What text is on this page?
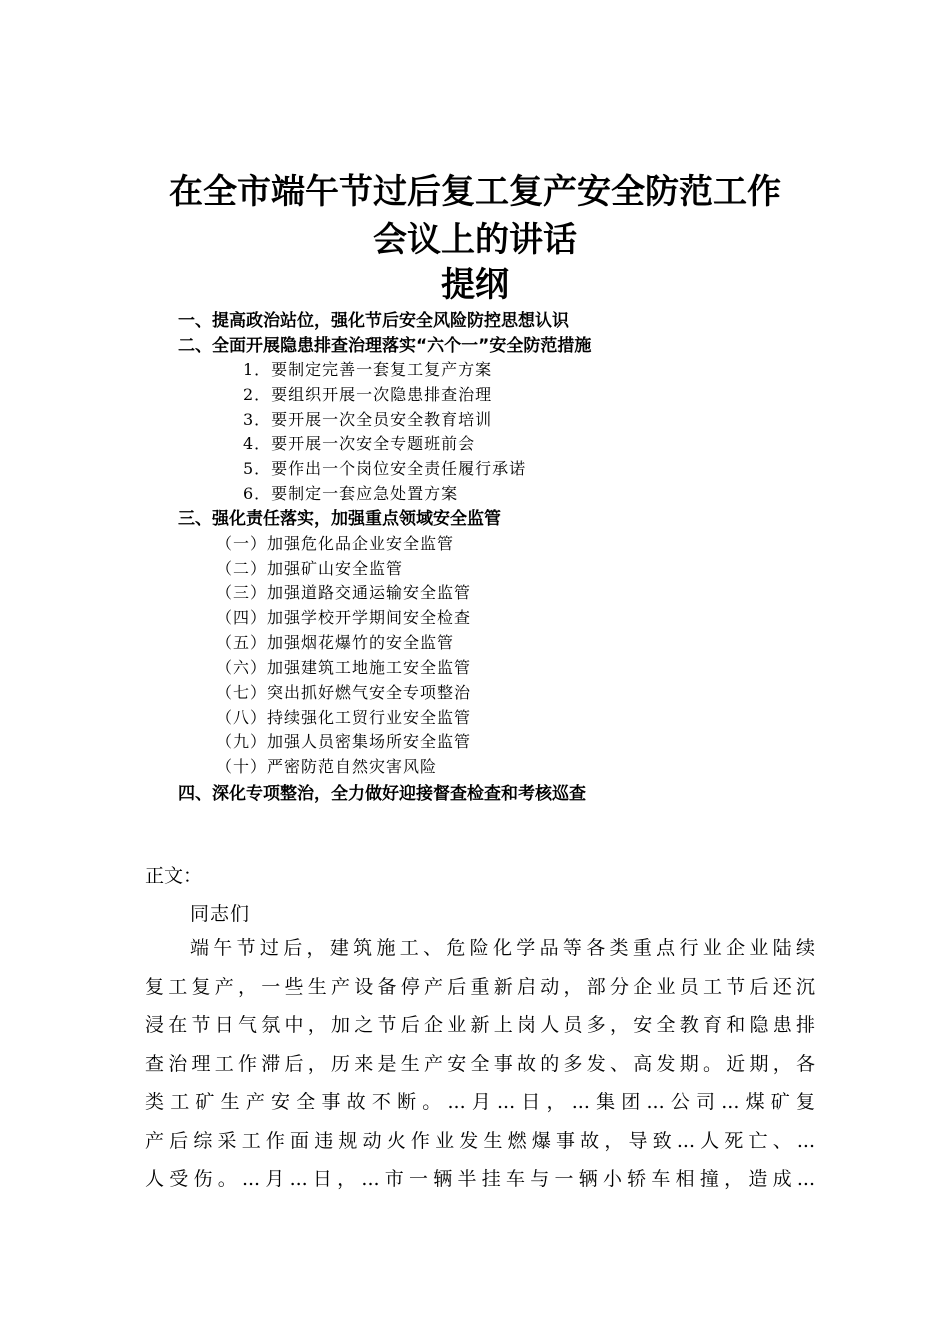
在全市端午节过后复工复产安全防范工作
会议上的讲话
提纲
一、提高政治站位，强化节后安全风险防控思想认识
二、全面开展隐患排查治理落实“六个一”安全防范措施
1．要制定完善一套复工复产方案
2．要组织开展一次隐患排查治理
3．要开展一次全员安全教育培训
4．要开展一次安全专题班前会
5．要作出一个岗位安全责任履行承诺
6．要制定一套应急处置方案
三、强化责任落实，加强重点领域安全监管
（一）加强危化品企业安全监管
（二）加强矿山安全监管
（三）加强道路交通运输安全监管
（四）加强学校开学期间安全检查
（五）加强烟花爆竹的安全监管
（六）加强建筑工地施工安全监管
（七）突出抓好燃气安全专项整治
（八）持续强化工贸行业安全监管
（九）加强人员密集场所安全监管
（十）严密防范自然灾害风险
四、深化专项整治，全力做好迎接督查检查和考核巡查
正文：
同志们
端午节过后，建筑施工、危险化学品等各类重点行业企业陆续
复工复产，一些生产设备停产后重新启动，部分企业员工节后还沉
浸在节日气氛中，加之节后企业新上岗人员多，安全教育和隐患排
查治理工作滞后，历来是生产安全事故的多发、高发期。近期，各
类工矿生产安全事故不断。...月...日，...集团...公司...煤矿复
产后综采工作面违规动火作业发生燃爆事故，导致...人死亡、...
人受伤。...月...日，...市一辆半挂车与一辆小轿车相撞，造成...
